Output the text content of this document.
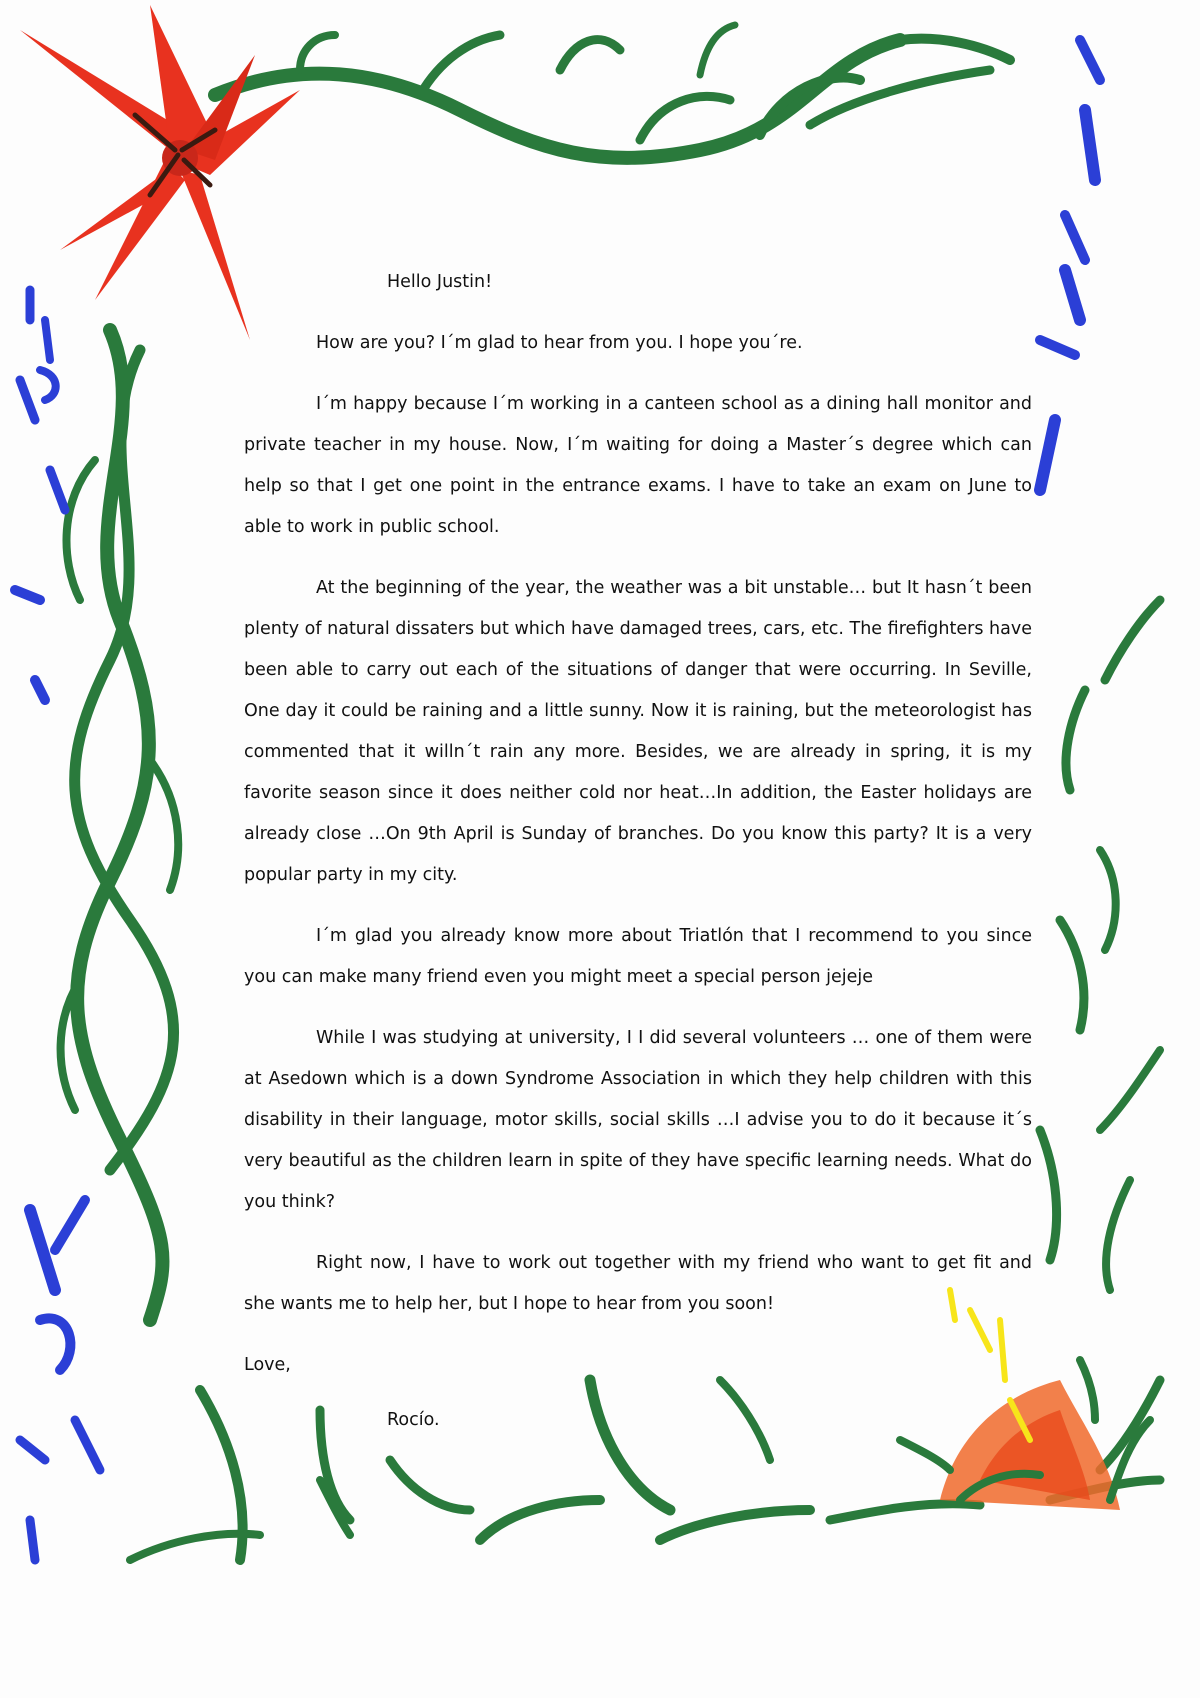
Hello Justin!

How are you? I´m glad to hear from you. I hope you´re.

I´m happy because I´m working in a canteen school as a dining hall monitor and private teacher in my house. Now, I´m waiting for doing a Master´s degree which can help so that I get one point in the entrance exams. I have to take an exam on June to able to work in public school.

At the beginning of the year, the weather was a bit unstable… but It hasn´t been plenty of natural dissaters but which have damaged trees, cars, etc. The firefighters have been able to carry out each of the situations of danger that were occurring. In Seville, One day it could be raining and a little sunny. Now it is raining, but the meteorologist has commented that it willn´t rain any more. Besides, we are already in spring, it is my favorite season since it does neither cold nor heat…In addition, the Easter holidays are already close …On 9th April is Sunday of branches. Do you know this party? It is a very popular party in my city.

I´m glad you already know more about Triatlón that I recommend to you since you can make many friend even you might meet a special person jejeje

While I was studying at university, I I did several volunteers … one of them were at Asedown which is a down Syndrome Association in which they help children with this disability in their language, motor skills, social skills …I advise you to do it because it´s very beautiful as the children learn in spite of they have specific learning needs. What do you think?

Right now, I have to work out together with my friend who want to get fit and she wants me to help her, but I hope to hear from you soon!

Love,

Rocío.
